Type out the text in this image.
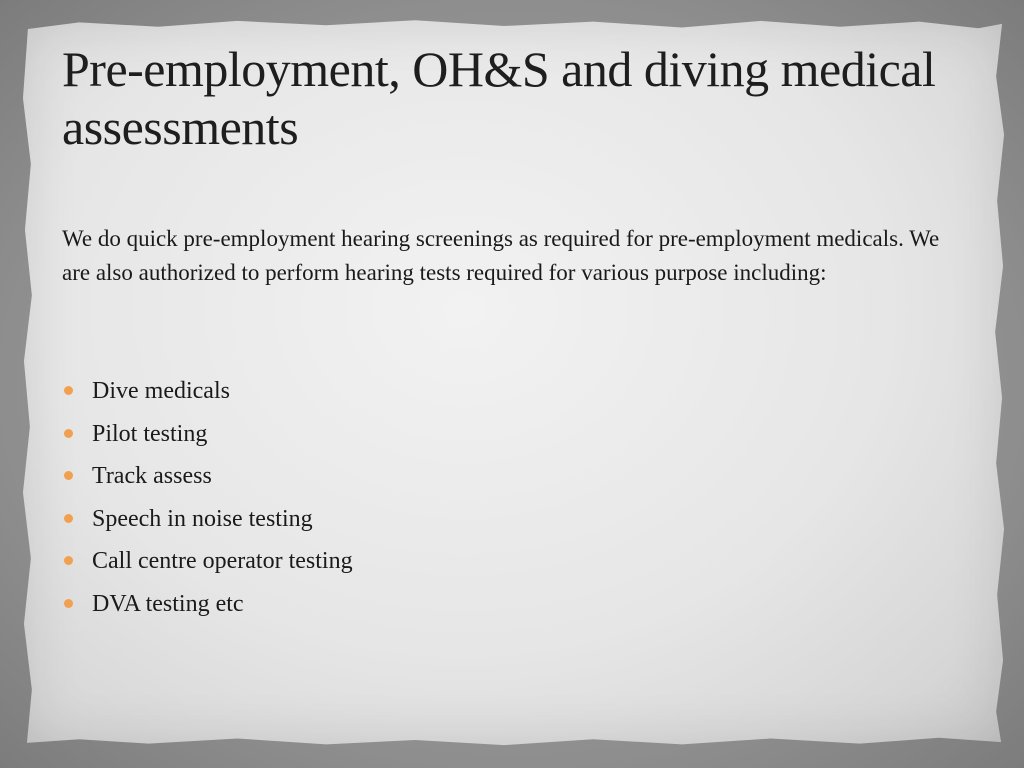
Pre-employment, OH&S and diving medical assessments

We do quick pre-employment hearing screenings as required for pre-employment medicals. We are also authorized to perform hearing tests required for various purpose including:

Dive medicals
Pilot testing
Track assess
Speech in noise testing
Call centre operator testing
DVA testing etc
